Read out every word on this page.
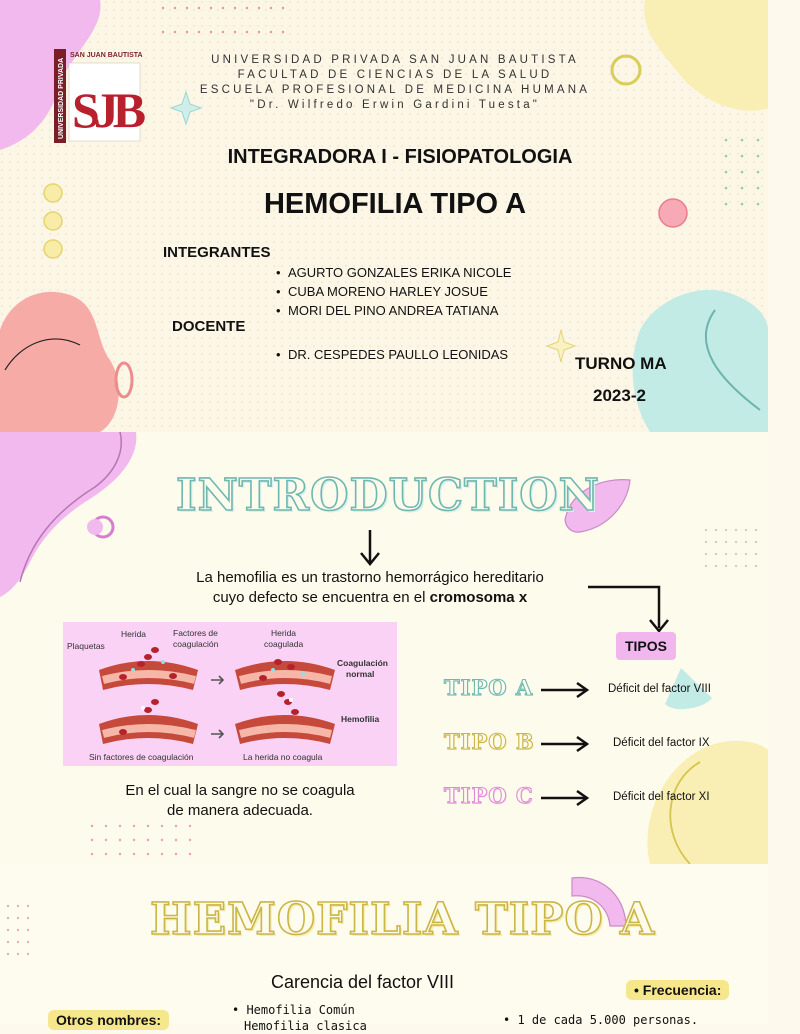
UNIVERSIDAD PRIVADA
SAN JUAN BAUTISTA
SJB
UNIVERSIDAD PRIVADA SAN JUAN BAUTISTA
FACULTAD DE CIENCIAS DE LA SALUD
ESCUELA PROFESIONAL DE MEDICINA HUMANA
"Dr. Wilfredo Erwin Gardini Tuesta"
INTEGRADORA I - FISIOPATOLOGIA
HEMOFILIA TIPO A
INTEGRANTES
• AGURTO GONZALES ERIKA NICOLE
• CUBA MORENO HARLEY JOSUE
• MORI DEL PINO ANDREA TATIANA
DOCENTE
• DR. CESPEDES PAULLO LEONIDAS	TURNO MA
2023-2
INTRODUCTION
La hemofilia es un trastorno hemorrágico hereditario
cuyo defecto se encuentra en el cromosoma x
Herida
Plaquetas
Factores de
coagulación
Herida
coagulada
Coagulación
normal
Hemofilia
Sin factores de coagulación	La herida no coagula
En el cual la sangre no se coagula
de manera adecuada.
TIPOS
TIPO A	Déficit del factor VIII
TIPO B	Déficit del factor IX
TIPO C	Déficit del factor XI
HEMOFILIA TIPO A
Carencia del factor VIII
Otros nombres:
• Hemofilia Común
Hemofilia clasica
• Frecuencia:
• 1 de cada 5.000 personas.
